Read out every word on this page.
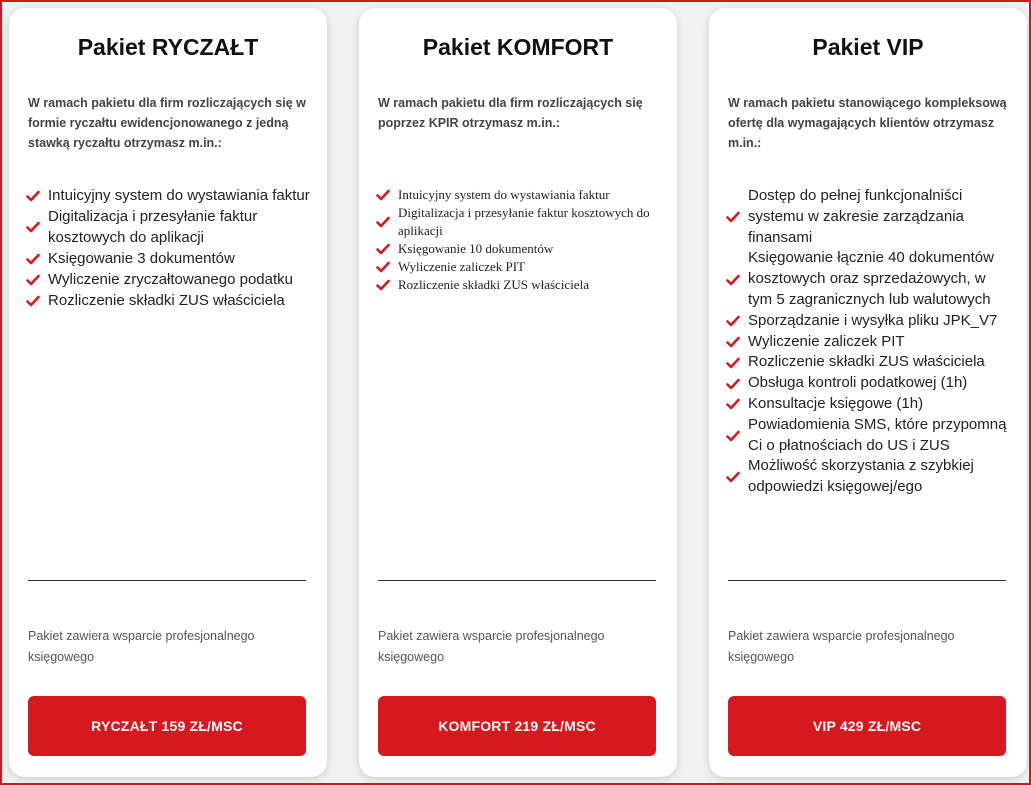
Pakiet RYCZAŁT

W ramach pakietu dla firm rozliczających się w formie ryczałtu ewidencjonowanego z jedną stawką ryczałtu otrzymasz m.in.:

Intuicyjny system do wystawiania faktur
Digitalizacja i przesyłanie faktur kosztowych do aplikacji
Księgowanie 3 dokumentów
Wyliczenie zryczałtowanego podatku
Rozliczenie składki ZUS właściciela

Pakiet zawiera wsparcie profesjonalnego księgowego

RYCZAŁT 159 ZŁ/MSC
Pakiet KOMFORT

W ramach pakietu dla firm rozliczających się poprzez KPIR otrzymasz m.in.:

Intuicyjny system do wystawiania faktur
Digitalizacja i przesyłanie faktur kosztowych do aplikacji
Księgowanie 10 dokumentów
Wyliczenie zaliczek PIT
Rozliczenie składki ZUS właściciela

Pakiet zawiera wsparcie profesjonalnego księgowego

KOMFORT 219 ZŁ/MSC
Pakiet VIP

W ramach pakietu stanowiącego kompleksową ofertę dla wymagających klientów otrzymasz m.in.:

Dostęp do pełnej funkcjonalniści systemu w zakresie zarządzania finansami
Księgowanie łącznie 40 dokumentów kosztowych oraz sprzedażowych, w tym 5 zagranicznych lub walutowych
Sporządzanie i wysyłka pliku JPK_V7
Wyliczenie zaliczek PIT
Rozliczenie składki ZUS właściciela
Obsługa kontroli podatkowej (1h)
Konsultacje księgowe (1h)
Powiadomienia SMS, które przypomną Ci o płatnościach do US i ZUS
Możliwość skorzystania z szybkiej odpowiedzi księgowej/ego

Pakiet zawiera wsparcie profesjonalnego księgowego

VIP 429 ZŁ/MSC
